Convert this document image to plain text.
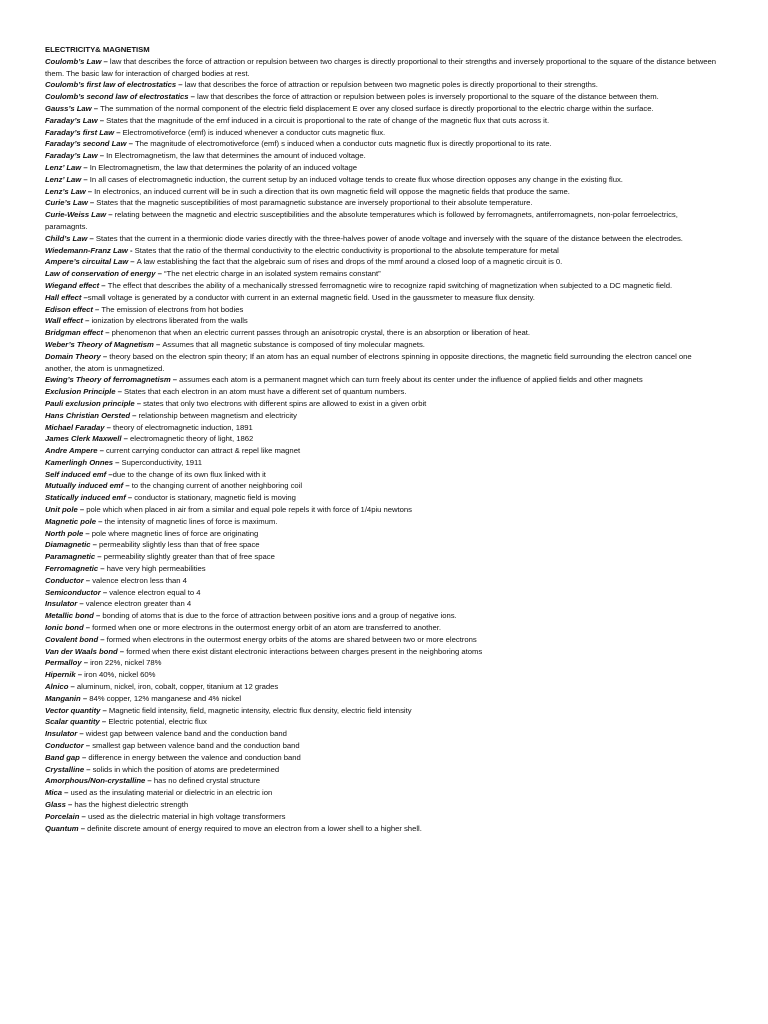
ELECTRICITY& MAGNETISM

Coulomb’s Law – law that describes the force of attraction or repulsion between two charges is directly proportional to their strengths and inversely proportional to the square of the distance between them. The basic law for interaction of charged bodies at rest.

Coulomb’s first law of electrostatics – law that describes the force of attraction or repulsion between two magnetic poles is directly proportional to their strengths.

Coulomb’s second law of electrostatics – law that describes the force of attraction or repulsion between poles is inversely proportional to the square of the distance between them.

Gauss’s Law – The summation of the normal component of the electric field displacement E over any closed surface is directly proportional to the electric charge within the surface.

Faraday’s Law – States that the magnitude of the emf induced in a circuit is proportional to the rate of change of the magnetic flux that cuts across it.

Faraday’s first Law – Electromotiveforce (emf) is induced whenever a conductor cuts magnetic flux.

Faraday’s second Law – The magnitude of electromotiveforce (emf) s induced when a conductor cuts magnetic flux is directly proportional to its rate.

Faraday’s Law – In Electromagnetism, the law that determines the amount of induced voltage.

Lenz’ Law – In Electromagnetism, the law that determines the polarity of an induced voltage

Lenz’ Law – In all cases of electromagnetic induction, the current setup by an induced voltage tends to create flux whose direction opposes any change in the existing flux.

Lenz’s Law – In electronics, an induced current will be in such a direction that its own magnetic field will oppose the magnetic fields that produce the same.

Curie’s Law – States that the magnetic susceptibilities of most paramagnetic substance are inversely proportional to their absolute temperature.

Curie-Weiss Law – relating between the magnetic and electric susceptibilities and the absolute temperatures which is followed by ferromagnets, antiferromagnets, non-polar ferroelectrics, paramagnts.

Child’s Law – States that the current in a thermionic diode varies directly with the three-halves power of anode voltage and inversely with the square of the distance between the electrodes.

Wiedemann-Franz Law - States that the ratio of the thermal conductivity to the electric conductivity is proportional to the absolute temperature for metal

Ampere’s circuital Law – A law establishing the fact that the algebraic sum of rises and drops of the mmf around a closed loop of a magnetic circuit is 0.

Law of conservation of energy – “The net electric charge in an isolated system remains constant”

Wiegand effect – The effect that describes the ability of a mechanically stressed ferromagnetic wire to recognize rapid switching of magnetization when subjected to a DC magnetic field.

Hall effect –small voltage is generated by a conductor with current in an external magnetic field. Used in the gaussmeter to measure flux density.

Edison effect – The emission of electrons from hot bodies

Wall effect – ionization by electrons liberated from the walls

Bridgman effect – phenomenon that when an electric current passes through an anisotropic crystal, there is an absorption or liberation of heat.

Weber’s Theory of Magnetism – Assumes that all magnetic substance is composed of tiny molecular magnets.

Domain Theory – theory based on the electron spin theory; If an atom has an equal number of electrons spinning in opposite directions, the magnetic field surrounding the electron cancel one another, the atom is unmagnetized.

Ewing’s Theory of ferromagnetism – assumes each atom is a permanent magnet which can turn freely about its center under the influence of applied fields and other magnets

Exclusion Principle – States that each electron in an atom must have a different set of quantum numbers.

Pauli exclusion principle – states that only two electrons with different spins are allowed to exist in a given orbit

Hans Christian Oersted – relationship between magnetism and electricity

Michael Faraday – theory of electromagnetic induction, 1891

James Clerk Maxwell – electromagnetic theory of light, 1862

Andre Ampere – current carrying conductor can attract & repel like magnet

Kamerlingh Onnes – Superconductivity, 1911

Self induced emf –due to the change of its own flux linked with it

Mutually induced emf – to the changing current of another neighboring coil

Statically induced emf – conductor is stationary, magnetic field is moving

Unit pole – pole which when placed in air from a similar and equal pole repels it with force of 1/4piu newtons

Magnetic pole – the intensity of magnetic lines of force is maximum.

North pole – pole where magnetic lines of force are originating

Diamagnetic – permeability slightly less than that of free space

Paramagnetic – permeability slightly greater than that of free space

Ferromagnetic – have very high permeabilities

Conductor – valence electron less than 4

Semiconductor – valence electron equal to 4

Insulator – valence electron greater than 4

Metallic bond – bonding of atoms that is due to the force of attraction between positive ions and a group of negative ions.

Ionic bond – formed when one or more electrons in the outermost energy orbit of an atom are transferred to another.

Covalent bond – formed when electrons in the outermost energy orbits of the atoms are shared between two or more electrons

Van der Waals bond – formed when there exist distant electronic interactions between charges present in the neighboring atoms

Permalloy – iron 22%, nickel 78%

Hipernik – iron 40%, nickel 60%

Alnico – aluminum, nickel, iron, cobalt, copper, titanium at 12 grades

Manganin – 84% copper, 12% manganese and 4% nickel

Vector quantity – Magnetic field intensity, field, magnetic intensity, electric flux density, electric field intensity

Scalar quantity – Electric potential, electric flux

Insulator – widest gap between valence band and the conduction band

Conductor – smallest gap between valence band and the conduction band

Band gap – difference in energy between the valence and conduction band

Crystalline – solids in which the position of atoms are predetermined

Amorphous/Non-crystalline – has no defined crystal structure

Mica – used as the insulating material or dielectric in an electric ion

Glass – has the highest dielectric strength

Porcelain – used as the dielectric material in high voltage transformers

Quantum – definite discrete amount of energy required to move an electron from a lower shell to a higher shell.
